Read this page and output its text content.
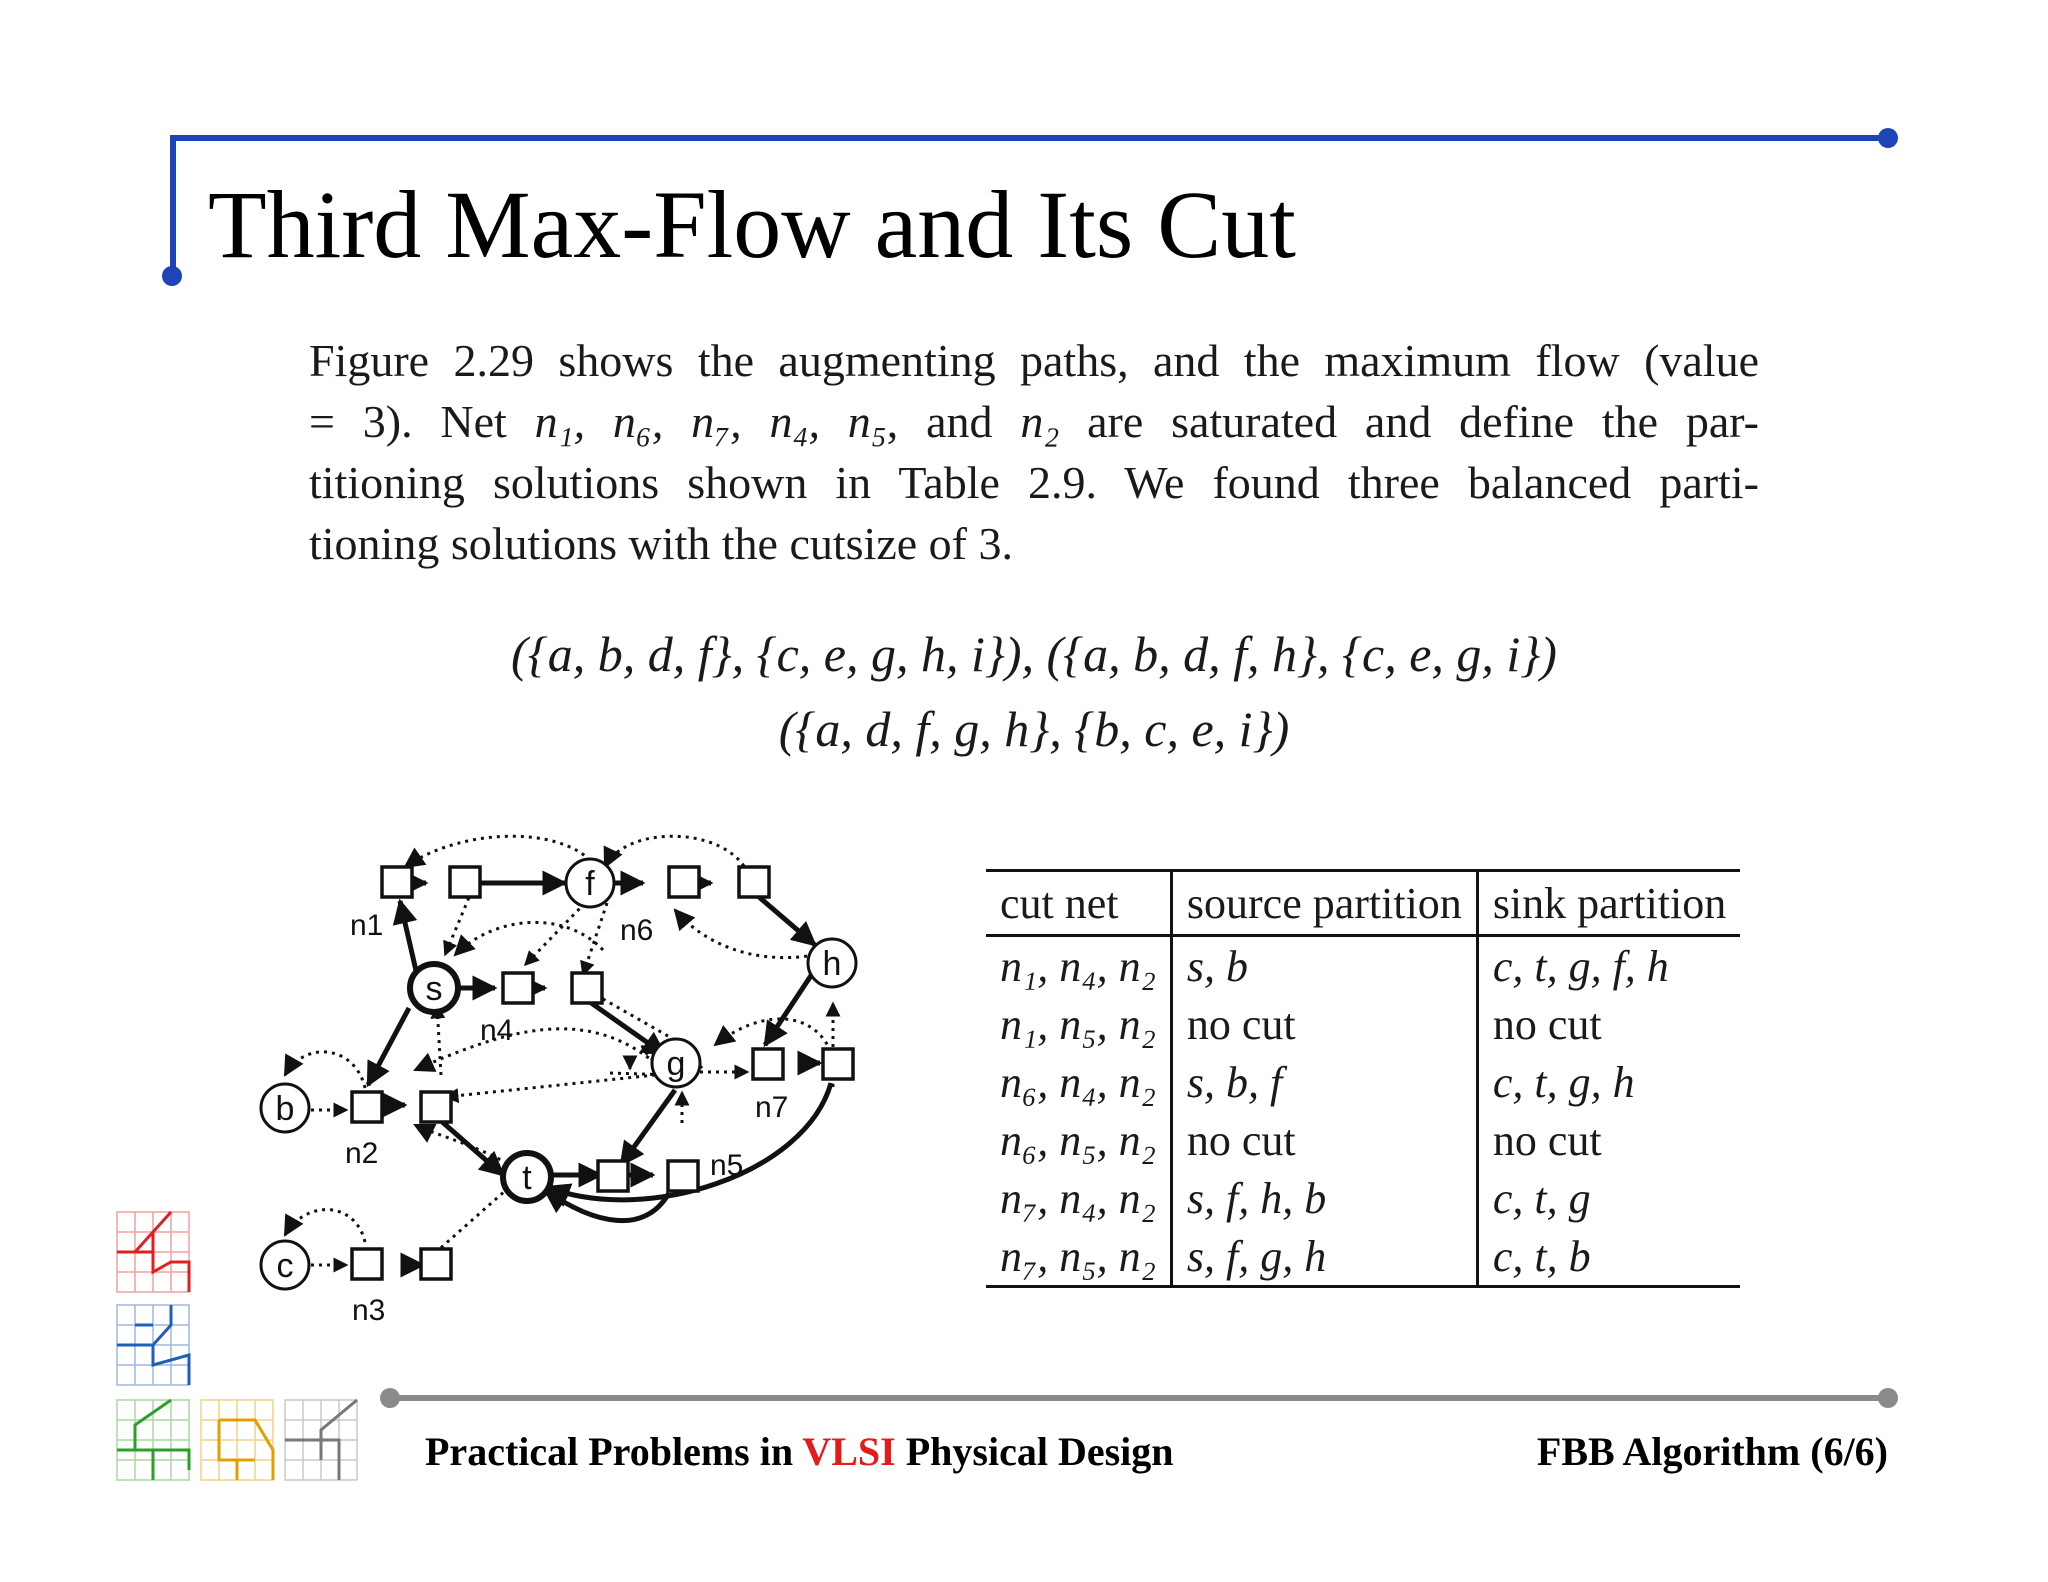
Third Max-Flow and Its Cut
Figure 2.29 shows the augmenting paths, and the maximum flow (value
= 3). Net n₁, n₆, n₇, n₄, n₅, and n₂ are saturated and define the par-
titioning solutions shown in Table 2.9. We found three balanced parti-
tioning solutions with the cutsize of 3.
({a, b, d, f}, {c, e, g, h, i}), ({a, b, d, f, h}, {c, e, g, i})
({a, d, f, g, h}, {b, c, e, i})
f
h
s
g
b
t
c
n1	n6
n4
n2
n7
n5
n3
cut net	source partition	sink partition
n₁, n₄, n₂	s, b	c, t, g, f, h
n₁, n₅, n₂	no cut	no cut
n₆, n₄, n₂	s, b, f	c, t, g, h
n₆, n₅, n₂	no cut	no cut
n₇, n₄, n₂	s, f, h, b	c, t, g
n₇, n₅, n₂	s, f, g, h	c, t, b
Practical Problems in VLSI Physical Design	FBB Algorithm (6/6)
